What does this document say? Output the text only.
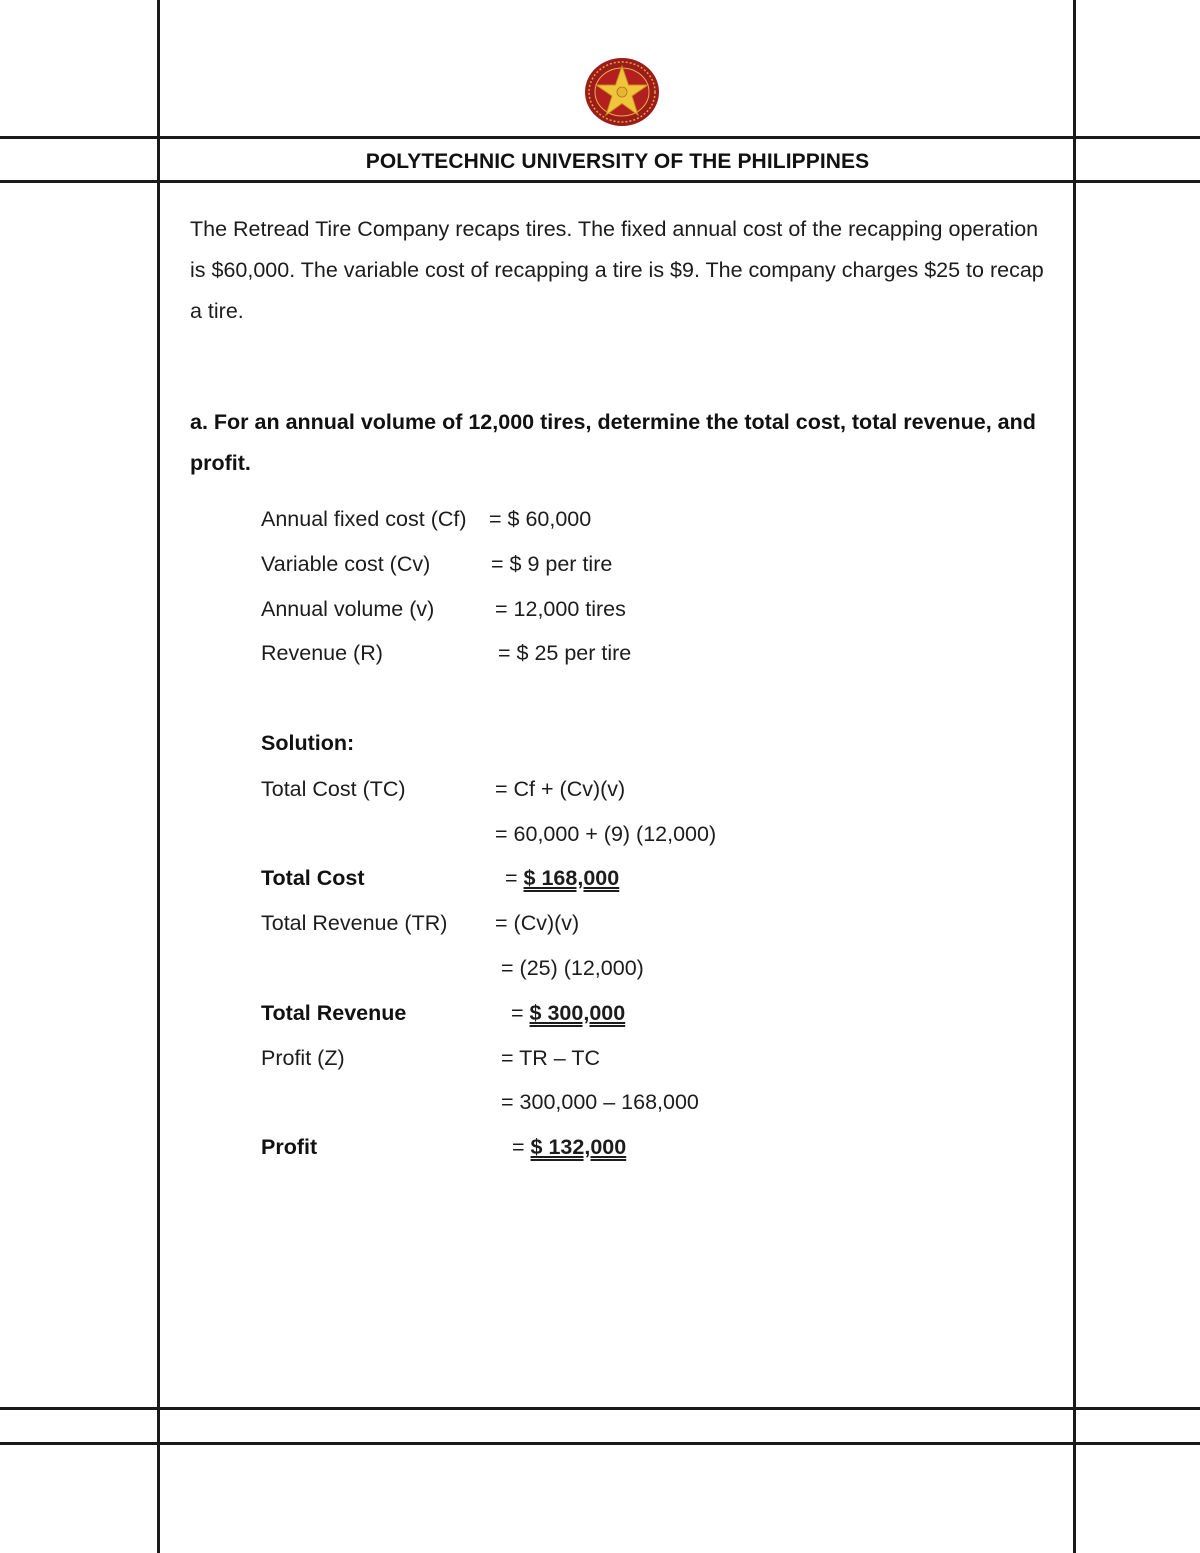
POLYTECHNIC UNIVERSITY OF THE PHILIPPINES

The Retread Tire Company recaps tires. The fixed annual cost of the recapping operation is $60,000. The variable cost of recapping a tire is $9. The company charges $25 to recap a tire.

a. For an annual volume of 12,000 tires, determine the total cost, total revenue, and profit.

Annual fixed cost (Cf) = $ 60,000
Variable cost (Cv)	= $ 9 per tire
Annual volume (v)	= 12,000 tires
Revenue (R)	= $ 25 per tire
Solution:
Total Cost (TC)	= Cf + (Cv)(v)
= 60,000 + (9) (12,000)
Total Cost	= $ 168,000
Total Revenue (TR) = (Cv)(v)
= (25) (12,000)
Total Revenue	= $ 300,000
Profit (Z)	= TR – TC
= 300,000 – 168,000
Profit	= $ 132,000
